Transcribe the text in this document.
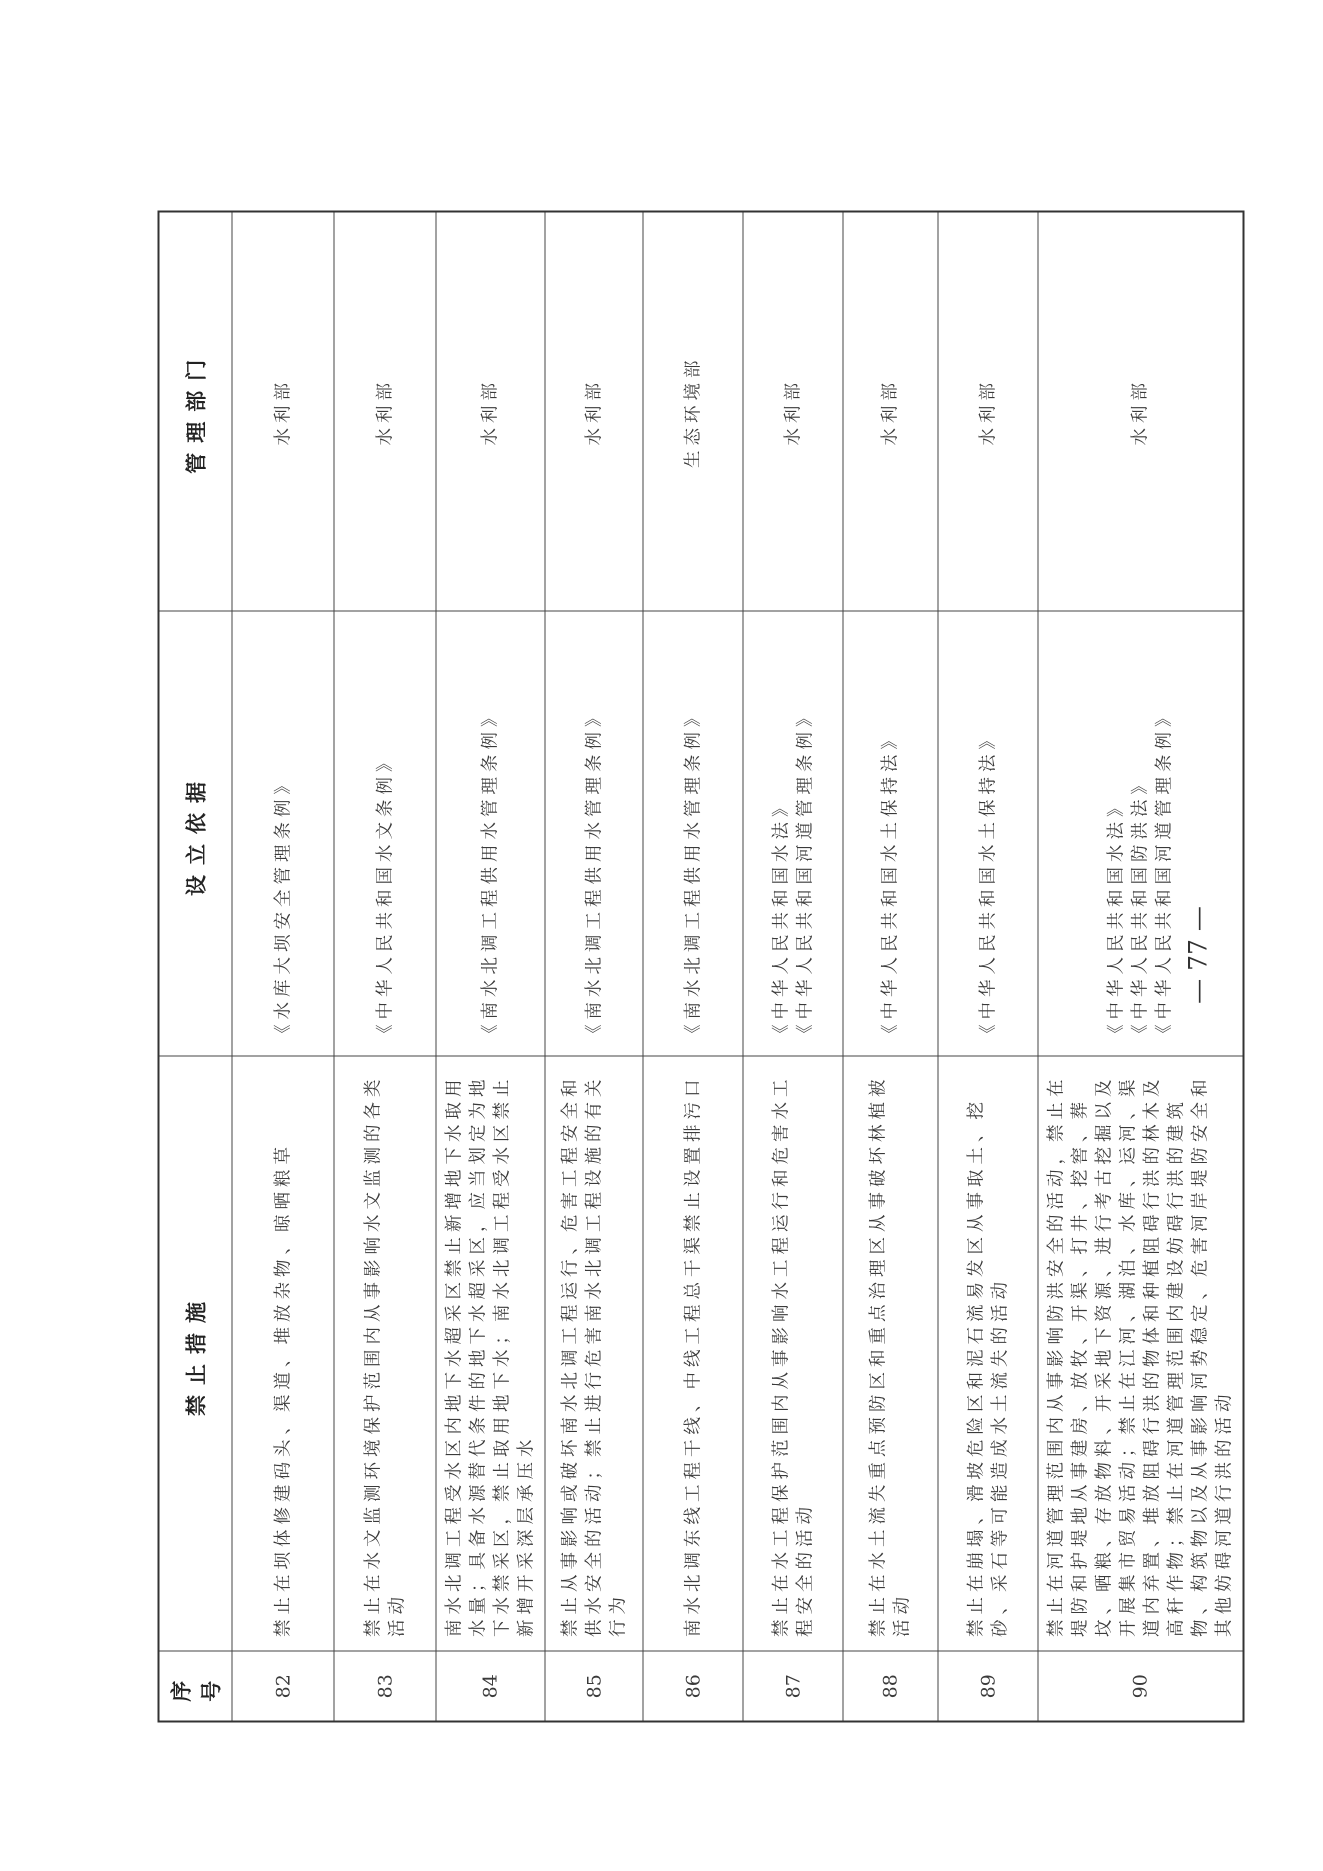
序号	禁止措施	设立依据	管理部门
82	禁止在坝体修建码头、渠道、堆放杂物、晾晒粮草	《水库大坝安全管理条例》	水利部
83	禁止在水文监测环境保护范围内从事影响水文监测的各类活动	《中华人民共和国水文条例》	水利部
84	南水北调工程受水区内地下水超采区禁止新增地下水取用水量；具备水源替代条件的地下水超采区，应当划定为地下水禁采区，禁止取用地下水；南水北调工程受水区禁止新增开采深层承压水	《南水北调工程供用水管理条例》	水利部
85	禁止从事影响或破坏南水北调工程运行、危害工程安全和供水安全的活动；禁止进行危害南水北调工程设施的有关行为	《南水北调工程供用水管理条例》	水利部
86	南水北调东线工程干线、中线工程总干渠禁止设置排污口	《南水北调工程供用水管理条例》	生态环境部
87	禁止在水工程保护范围内从事影响水工程运行和危害水工程安全的活动	《中华人民共和国水法》 《中华人民共和国河道管理条例》	水利部
88	禁止在水土流失重点预防区和重点治理区从事破坏林植被活动	《中华人民共和国水土保持法》	水利部
89	禁止在崩塌、滑坡危险区和泥石流易发区从事取土、挖砂、采石等可能造成水土流失的活动	《中华人民共和国水土保持法》	水利部
90	禁止在河道管理范围内从事影响防洪安全的活动，禁止在堤防和护堤地从事建房、放牧、开渠、打井、挖窖、葬坟、晒粮、存放物料、开采地下资源、进行考古挖掘以及开展集市贸易活动；禁止在江河、湖泊、水库、运河、渠道内弃置、堆放阻碍行洪的物体和种植阻碍行洪的林木及高秆作物；禁止在河道管理范围内建设妨碍行洪的建筑物、构筑物以及从事影响河势稳定、危害河岸堤防安全和其他妨碍河道行洪的活动	《中华人民共和国水法》 《中华人民共和国防洪法》 《中华人民共和国河道管理条例》	水利部
— 77 —
